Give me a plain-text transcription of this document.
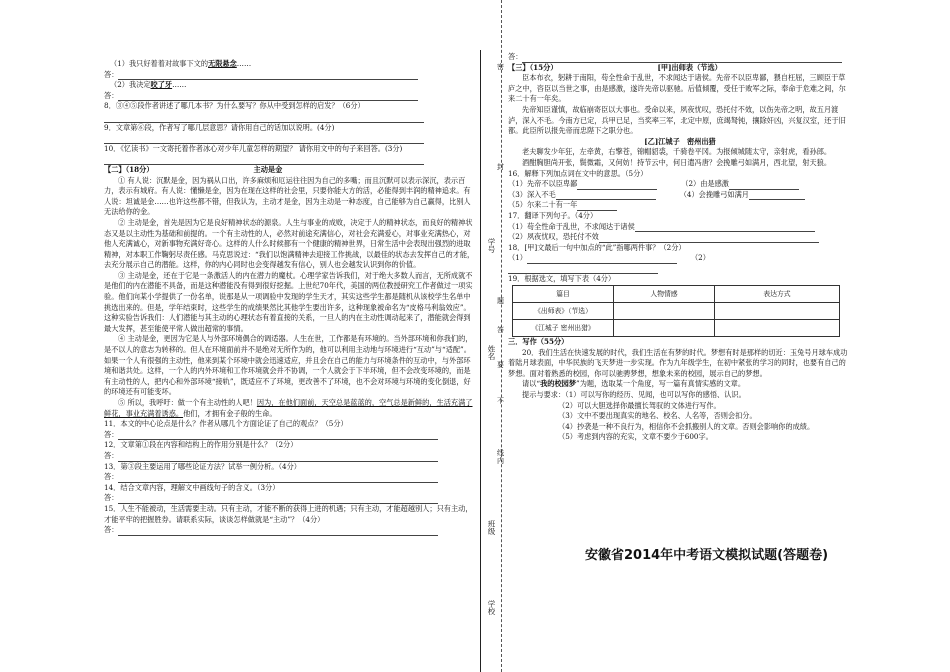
（1）我只好着着对故事下文的无限悬念……

答：

（2）我决定咬了牙……

答：

8．③④⑤段作者讲述了哪几本书？为什么要写？你从中受到怎样的启发？（6分）

9．文章第⑥段，作者写了哪几层意思？请你用自己的话加以说明。(4分)

10．《忆读书》一文寄托着作者冰心对少年儿童怎样的期望？ 请你用文中的句子来回答。(3分)

【二】（18分）	主动是金

① 有人说：沉默是金，因为祸从口出，许多麻烦和厄运往往因为自己的多嘴；而且沉默可以表示深沉，表示百力，表示有城府。有人说：懂懒是金，因为在现在这样的社会里，只要你能大方的活，必能得到丰润的精神追求。有人说：坦诚是金……也许这些都不错，但我认为，主动才是金，因为主动是一种态度，自己能够为自己赢得，比别人无法给你的金。

② 主动是金，首先是因为它是良好精神状态的源泉。人生与事业的成败，决定于人的精神状态，而良好的精神状态又是以主动性为基础和前提的。一个有主动性的人，必然对前途充满信心，对社会充满爱心，对事业充满热心，对他人充满诚心，对新事物充满好奇心。这样的人什么时候都有一个健康的精神世界，日常生活中会表现出强烈的进取精神，对本职工作鞠躬尽责任感。马克思说过：“我们以饱满精神去迎接工作挑战，以最佳的状态去发挥自己的才能，去充分展示自己的潜能。这样，你的内心同时也会变得越发有信心，别人也会越发认识到你的价值。

③ 主动是金，还在于它是一条激活人的内在潜力的魔杖。心理学家告诉我们，对于绝大多数人而言，无所成就不是他们的内在潜能不具备，而是这种潜能没有得到很好挖掘。上世纪70年代，美国的两位教授研究工作者做过一项实验。他们向某小学提供了一份名单，说那是从一项调验中发现的学生天才，其实这些学生都是随机从该校学生名单中挑选出来的。但是，学年结束时，这些学生的成绩果然比其他学生要出许多，这种现象被命名为“皮格马利翁效应”。这种实验告诉我们：人们潜能与其主动的心理状态有着直接的关系，一旦人的内在主动性调动起来了，潜能就会得到最大发挥，甚至能使平常人做出超常的事情。

④ 主动是金，更因为它是人与外部环境偶合的调适器。人生在世，工作都是有环境的。当外部环境和你我们的，是不以人的意志为转移的。但人在环境面前并不是绝对无所作为的，他可以利用主动地与环境进行“互动”与“适配”。如果一个人有很强的主动性，他来到某个环境中就会迅速适应，并且会在自己的能力与环境条件的互动中，与外部环境和谐共处。这样，一个人的内外环境和工作环境就会并不协调，一个人就会于下半环境，但不会改变环境的，而是有主动性的人，把内心和外部环境“接轨”，既适应不了环境，更改善不了环境，也不会对环境与环境的变化倒退，好的环境还有可能变坏。

⑤ 所以，我呼吁：做一个有主动性的人吧！因为，在他们面前，天空总是蓝蓝的，空气总是新鲜的，生活充满了鲜花，事业充满着诱惑。他们，才拥有金子般的生命。

11．本文的中心论点是什么？作者从哪几个方面论证了自己的观点？（5分）

答：

12．文章第①段在内容和结构上的作用分别是什么？（2分）

答：

13．第③段主要运用了哪些论证方法？试举一例分析。（4分）

答：

14．结合文章内容，理解文中画线句子的含义。（3分）

答：

15．人生不能被动，生活需要主动。只有主动，才能不断的获得上进的机遇；只有主动，才能超越别人；只有主动，才能平牢的把握胜券。请联系实际，谈谈怎样做就是“主动”？（4分）

答：

密
封
线
内
不
要
答
题
学号
班级
姓名
学校

答：

【三】（15分）	[甲]出师表（节选）

臣本布衣，躬耕于南阳，苟全性命于乱世，不求闻达于诸侯。先帝不以臣卑鄙，猥自枉屈，三顾臣于草庐之中，咨臣以当世之事，由是感激，遂许先帝以驱驰。后值倾覆，受任于败军之际，奉命于危难之间，尔来二十有一年矣。

先帝知臣谨慎，故临崩寄臣以大事也。受命以来，夙夜忧叹，恐托付不效，以伤先帝之明，故五月渡泸，深入不毛。今南方已定，兵甲已足，当奖率三军，北定中原，庶竭驽钝，攘除奸凶，兴复汉室，还于旧都。此臣所以报先帝而忠陛下之职分也。

[乙]江城子　密州出猎

老夫聊发少年狂，左牵黄，右擎苍，锦帽貂裘，千骑卷平冈。为报倾城随太守，亲射虎，看孙郎。

酒酣胸胆尚开张，鬓微霜，又何妨！持节云中，何日遣冯唐？会挽雕弓如满月，西北望，射天狼。

16．解释下列加点词在文中的意思。（5分）

（1）先帝不以臣卑鄙	（2）由是感激

（3）深入不毛	（4）会挽雕弓如满月

（5）尔来二十有一年

17．翻译下列句子。（4分）

（1）苟全性命于乱世，不求闻达于诸侯

（2）夙夜忧叹，恐托付不效

18．[甲]文最后一句中加点的“此”指哪两件事？（2分）

（1）	（2）

19．根据选文，填写下表（4分）

篇目	人物情感	表达方式
《出师表》（节选）		
《江城子 密州出猎》		

三．写作（55分）

20．我们生活在快速发展的时代，我们生活在有梦的时代。梦想有时是那样的切近：玉兔号月球车成功着陆月球表面，中华民族的飞天梦进一步实现。作为九年级学生，在初中紧张的学习的同时，也要有自己的梦想。面对着熟悉的校园，你可以驰骋梦想，想象未来的校园，展示自己的梦想。

请以“我的校园梦”为题，选取某一个角度，写一篇有真情实感的文章。

提示与要求：（1）可以写你的经历、见闻，也可以写你的感悟、认识。

（2）可以大胆选择你最擅长驾驭的文体进行写作。

（3）文中不要出现真实的地名、校名、人名等，否则会扣分。

（4）抄袭是一种不良行为，相信你不会抓搬别人的文章。否则会影响你的成绩。

（5）考虑到内容的充实，文章不要少于600字。

安徽省2014年中考语文模拟试题(答题卷)
